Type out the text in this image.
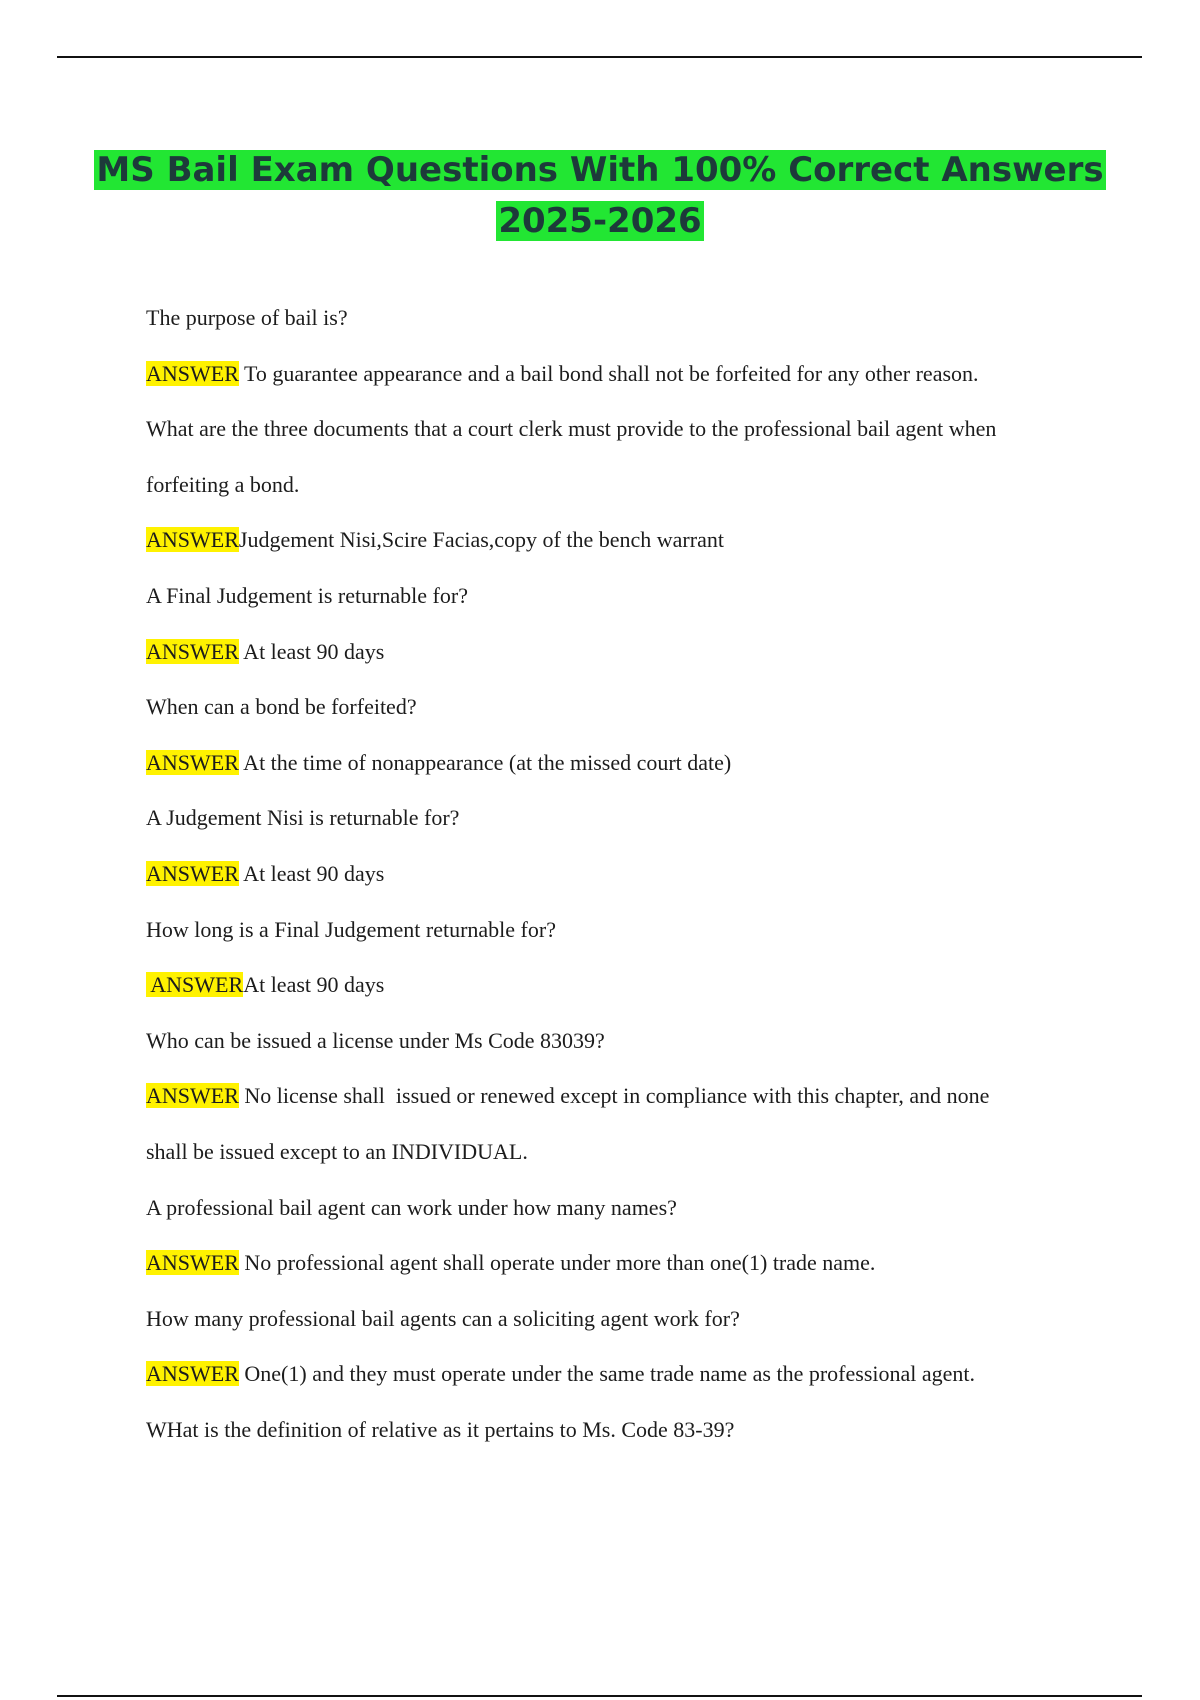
MS Bail Exam Questions With 100% Correct Answers
2025-2026
The purpose of bail is?
ANSWER To guarantee appearance and a bail bond shall not be forfeited for any other reason.
What are the three documents that a court clerk must provide to the professional bail agent when
forfeiting a bond.
ANSWERJudgement Nisi,Scire Facias,copy of the bench warrant
A Final Judgement is returnable for?
ANSWER At least 90 days
When can a bond be forfeited?
ANSWER At the time of nonappearance (at the missed court date)
A Judgement Nisi is returnable for?
ANSWER At least 90 days
How long is a Final Judgement returnable for?
ANSWERAt least 90 days
Who can be issued a license under Ms Code 83039?
ANSWER No license shall  issued or renewed except in compliance with this chapter, and none
shall be issued except to an INDIVIDUAL.
A professional bail agent can work under how many names?
ANSWER No professional agent shall operate under more than one(1) trade name.
How many professional bail agents can a soliciting agent work for?
ANSWER One(1) and they must operate under the same trade name as the professional agent.
WHat is the definition of relative as it pertains to Ms. Code 83-39?
